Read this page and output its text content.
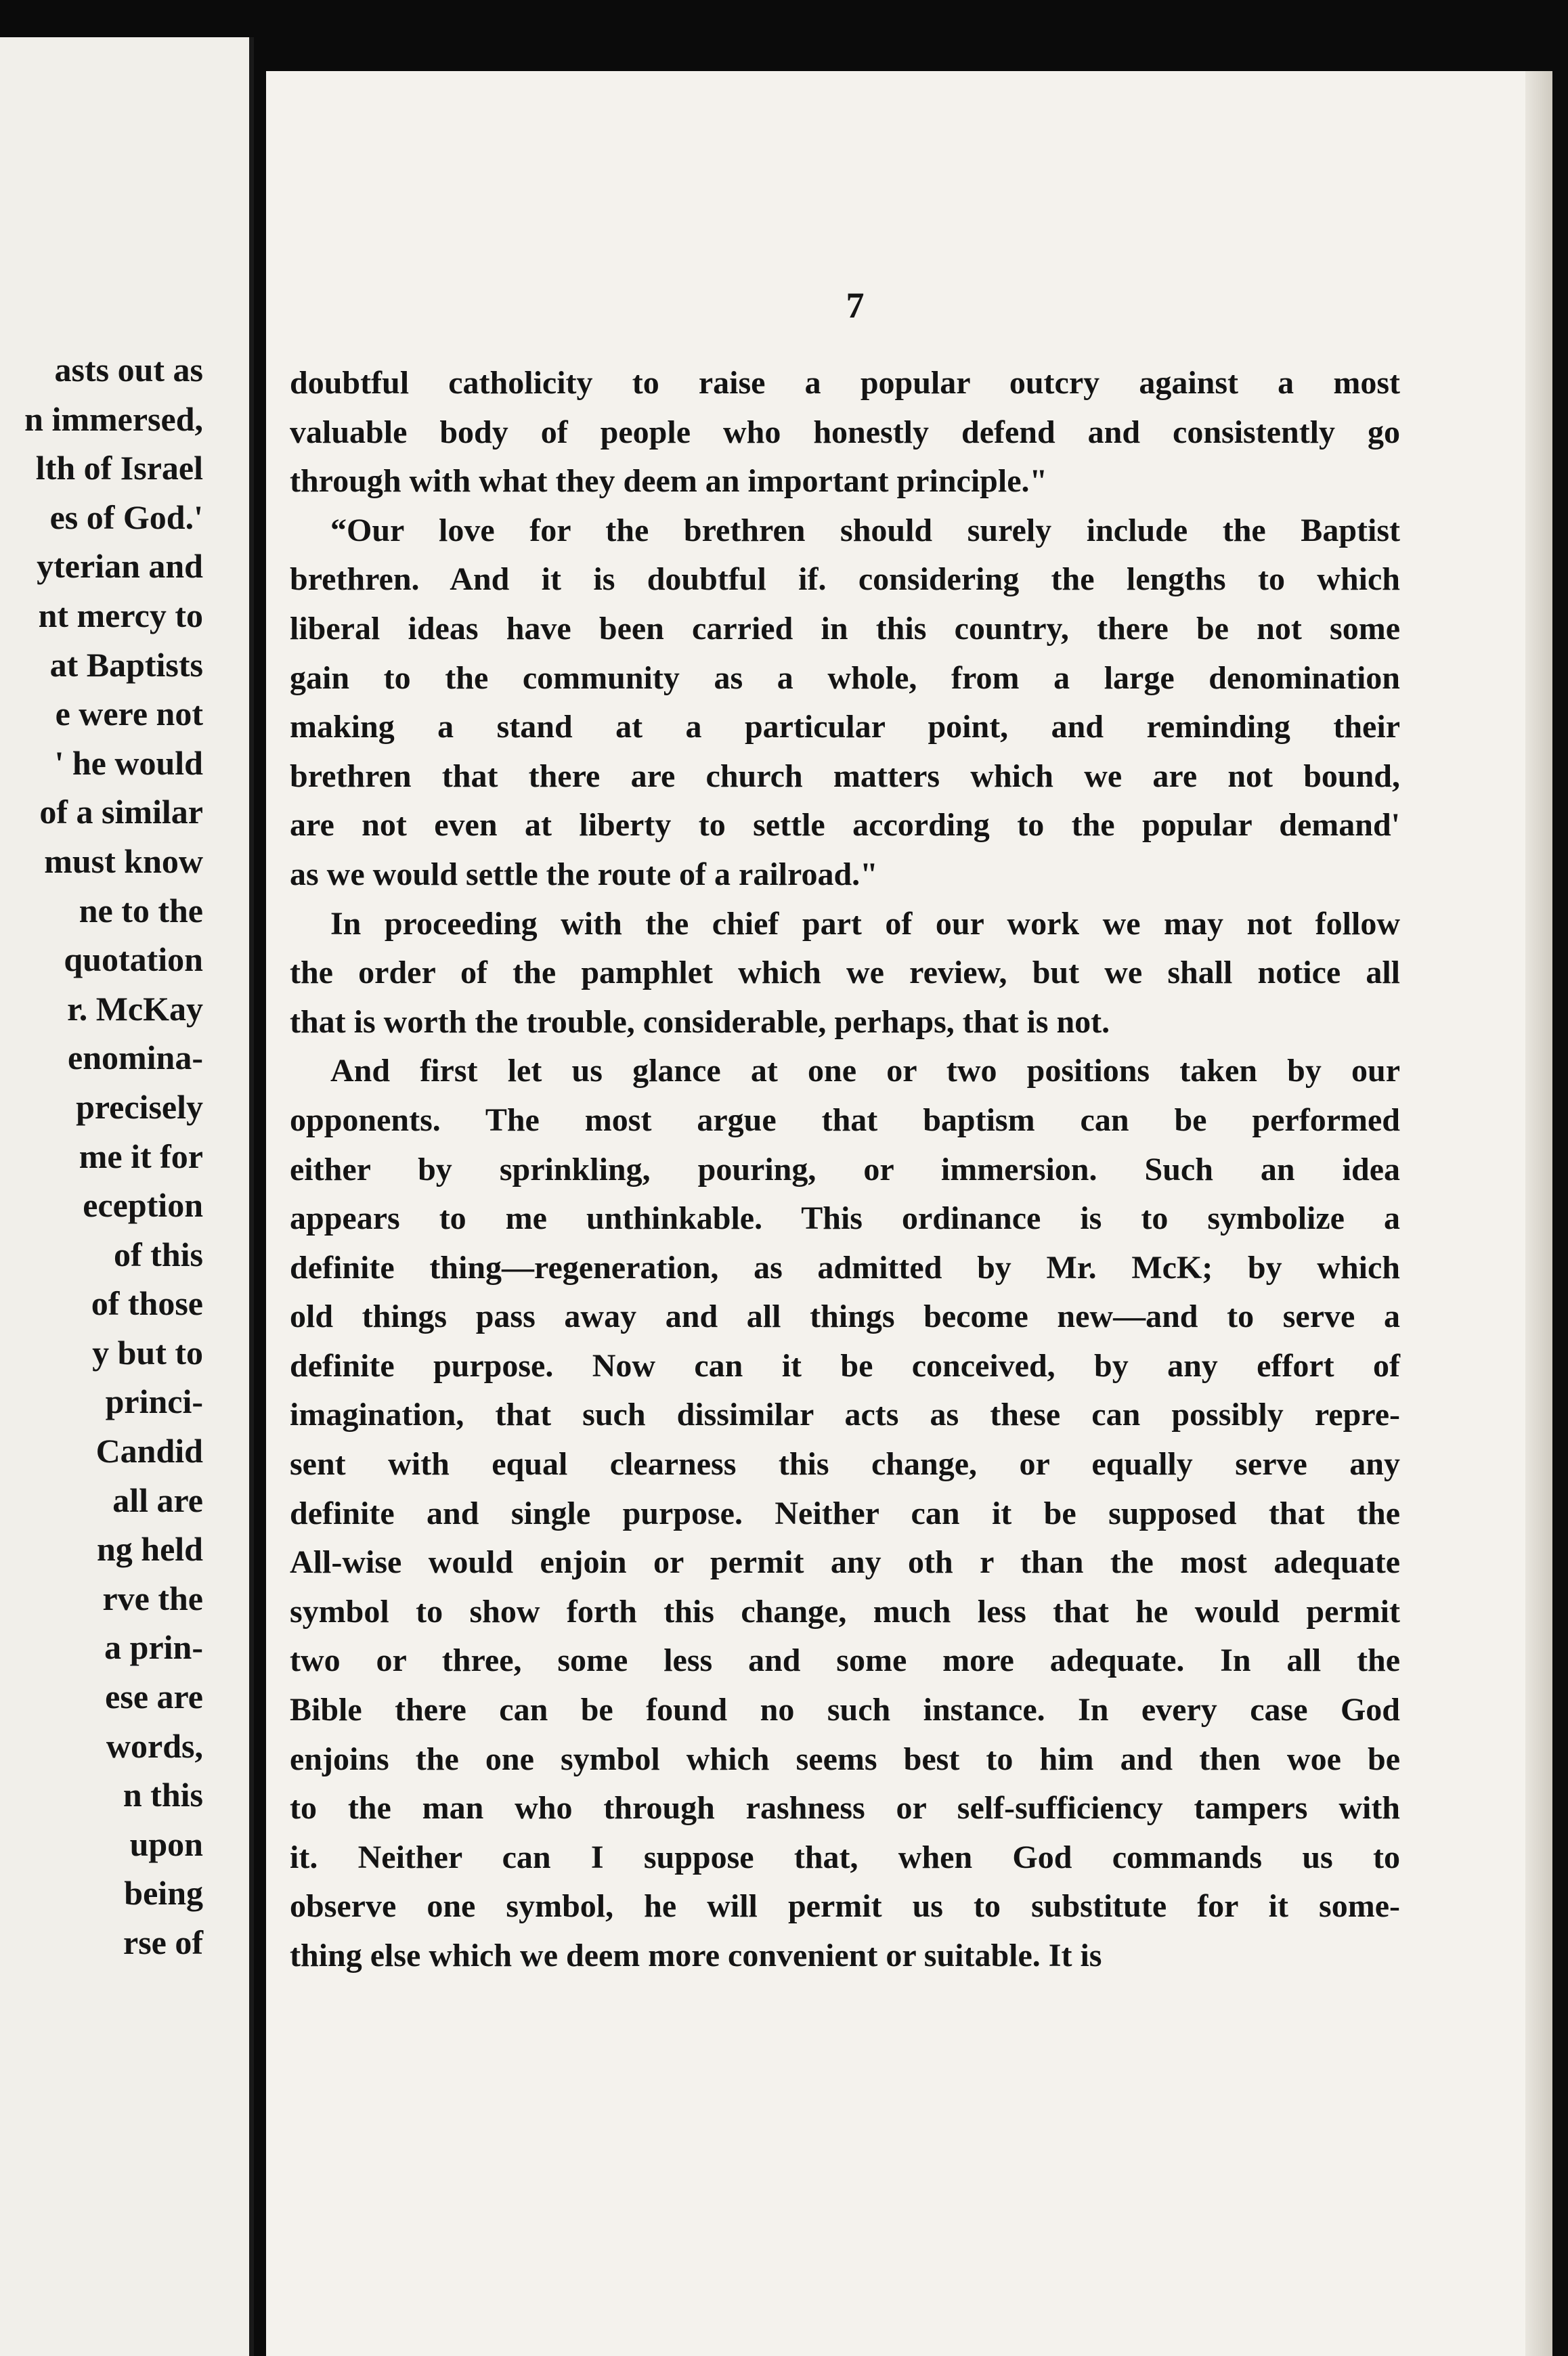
asts out as
n immersed,
lth of Israel
es of God.'
yterian and
nt mercy to
at Baptists
e were not
' he would
of a similar
must know
ne to the
quotation
r. McKay
enomina-
precisely
me it for
eception
of this
of those
y but to
princi-
Candid
all are
ng held
rve the
a prin-
ese are
words,
n this
upon
being
rse of
7
doubtful catholicity to raise a popular outcry against a most
valuable body of people who honestly defend and consistently go
through with what they deem an important principle."
“Our love for the brethren should surely include the Baptist
brethren. And it is doubtful if. considering the lengths to which
liberal ideas have been carried in this country, there be not some
gain to the community as a whole, from a large denomination
making a stand at a particular point, and reminding their
brethren that there are church matters which we are not bound,
are not even at liberty to settle according to the popular demand'
as we would settle the route of a railroad."
In proceeding with the chief part of our work we may not follow
the order of the pamphlet which we review, but we shall notice all
that is worth the trouble, considerable, perhaps, that is not.
And first let us glance at one or two positions taken by our
opponents. The most argue that baptism can be performed
either by sprinkling, pouring, or immersion. Such an idea
appears to me unthinkable. This ordinance is to symbolize a
definite thing—regeneration, as admitted by Mr. McK; by which
old things pass away and all things become new—and to serve a
definite purpose. Now can it be conceived, by any effort of
imagination, that such dissimilar acts as these can possibly repre-
sent with equal clearness this change, or equally serve any
definite and single purpose. Neither can it be supposed that the
All-wise would enjoin or permit any oth r than the most adequate
symbol to show forth this change, much less that he would permit
two or three, some less and some more adequate. In all the
Bible there can be found no such instance. In every case God
enjoins the one symbol which seems best to him and then woe be
to the man who through rashness or self-sufficiency tampers with
it. Neither can I suppose that, when God commands us to
observe one symbol, he will permit us to substitute for it some-
thing else which we deem more convenient or suitable. It is
